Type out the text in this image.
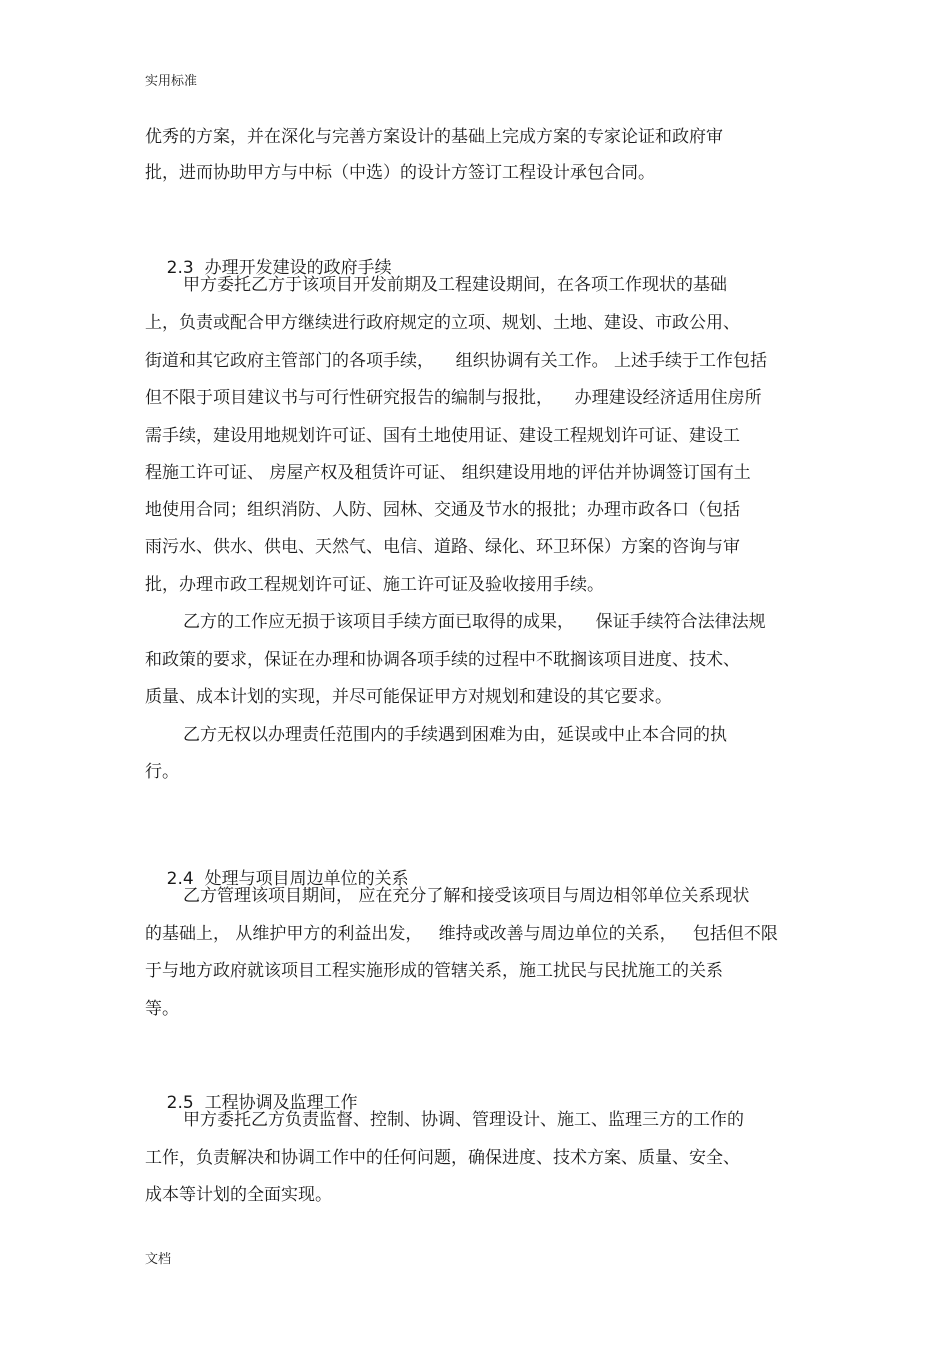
实用标准
优秀的方案，并在深化与完善方案设计的基础上完成方案的专家论证和政府审
批，进而协助甲方与中标（中选）的设计方签订工程设计承包合同。

2.3 办理开发建设的政府手续

甲方委托乙方于该项目开发前期及工程建设期间，在各项工作现状的基础
上，负责或配合甲方继续进行政府规定的立项、规划、土地、建设、市政公用、
街道和其它政府主管部门的各项手续，    组织协调有关工作。 上述手续于工作包括
但不限于项目建议书与可行性研究报告的编制与报批，    办理建设经济适用住房所
需手续，建设用地规划许可证、国有土地使用证、建设工程规划许可证、建设工
程施工许可证、 房屋产权及租赁许可证、 组织建设用地的评估并协调签订国有土
地使用合同；组织消防、人防、园林、交通及节水的报批；办理市政各口（包括
雨污水、供水、供电、天然气、电信、道路、绿化、环卫环保）方案的咨询与审
批，办理市政工程规划许可证、施工许可证及验收接用手续。
乙方的工作应无损于该项目手续方面已取得的成果，    保证手续符合法律法规
和政策的要求，保证在办理和协调各项手续的过程中不耽搁该项目进度、技术、
质量、成本计划的实现，并尽可能保证甲方对规划和建设的其它要求。
乙方无权以办理责任范围内的手续遇到困难为由，延误或中止本合同的执
行。

2.4 处理与项目周边单位的关系

乙方管理该项目期间， 应在充分了解和接受该项目与周边相邻单位关系现状
的基础上， 从维护甲方的利益出发，   维持或改善与周边单位的关系，   包括但不限
于与地方政府就该项目工程实施形成的管辖关系，施工扰民与民扰施工的关系
等。

2.5 工程协调及监理工作

甲方委托乙方负责监督、控制、协调、管理设计、施工、监理三方的工作的
工作，负责解决和协调工作中的任何问题，确保进度、技术方案、质量、安全、
成本等计划的全面实现。
文档
